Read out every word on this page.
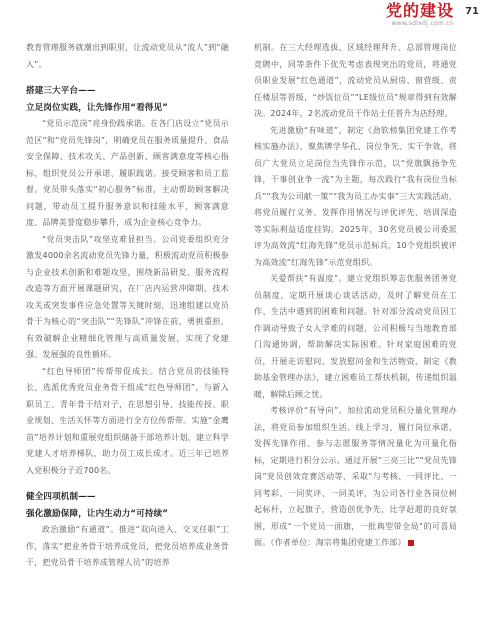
党的建设
www.sdlxdj.com.cn
71

教育管理服务就潮出到职里，让流动党员从“流人”到“融入”。

搭建三大平台——
立足岗位实践，让先锋作用“看得见”

“党员示范岗”亮身份践承诺。在各门店设立“党员示范区”和“党员先锋岗”，明确党员在服务质量提升、食品安全保障、技术攻关、产品创新、顾客满意度等核心指标，组织党员公开承诺、履职践诺。接受顾客和员工监督。党员带头落实“初心服务”标准，主动帮助顾客解决问题，带动员工提升服务意识和技能水平，顾客满意度、品牌美誉度稳步攀升，成为企业核心竞争力。

“党员突击队”攻坚克难显担当。公司党委组织充分激发4000余名流动党员先锋力量，积极流动党员积极参与企业技术创新和难题攻坚，围绕新品研发、服务流程改造等方面开展课题研究，在厂店内运营冲障期，技术攻关或突发事件应急处置等关键时刻，迅速组建以党员骨干为核心的“突击队”“先锋队”冲锋在前，勇挑重担，有效破解企业精细化管理与高质量发展，实现了党建强、发展强的良性循环。

“红色导师团”传帮带促成长。结合党员的技能特长，选派优秀党员业务骨干组成“红色导师团”，与新入职员工、青年骨干结对子，在思想引导、技能传授、职业规划、生活关怀等方面进行全方位传帮带。实施“金鹰苗”培养计划和重展党组织储备干部培养计划，建立科学党建人才培养梯队，助力员工成长成才。近三年已培养入党积极分子近700名。

健全四项机制——
强化激励保障，让内生动力“可持续”

政治激励“有通道”。推进“双向进入、交叉任职”工作，落实“把业务骨干培养成党员，把党员培养成业务骨干，把党员骨干培养成管理人员”的培养

机制。在三大经理选拔、区域经理拜升、总部管理岗位竞聘中，同等条件下优先考虑表现突出的党员，将通党员职业发展“红色通道”，流动党员从厨房、窗营级、责任楼层等晋级，“炒饭位员”“LE级位员”规章得到有效解决。2024年，2名流动党员干作站士任晋升为店经理。

先进激励“有味道”，制定《劲软榜集团党建工作考核实施办法》，聚焦牌学华孔、岗位争先、实干争效，将员广大党员立足岗位当先锋作示范，以“党旗飘扬争先锋，干事创业争一流”为主题，每次践行“我有岗位当标兵”“我为公司献一策”“我为员工办实事”三大实践活动，将党员履行义务、发挥作用情况与评优评先、培训深造等实际利益适度挂钩。2025年，30名党员被公司委派评为高效流“红海先锋”党员示范标兵，10个党组织被评为高效流“红海先锋”示范党组织。

关爱帮扶“有温度”。建立党组织筹志优服务团务党员制度，定期开展谈心谈话活动，及时了解党员在工作、生活中遇到的困难和问题。针对部分流动党员因工作调动导致子女入学难的问题，公司积极与当地教育部门沟通协调，帮助解决实际困难。针对家庭困难的党员，开展走访慰问、发放慰问金和生活物资，制定《教助基金管理办法》，建立困难员工帮扶机制，传递组织温暖，解除后顾之忧。

考核评价“有导向”。加拉流动党员积分量化管理办法，将党员参加组织生活、线上学习、履行岗位承诺、发挥先锋作用、参与志愿服务等情况量化为可量化指标，定期进行积分公示。通过开展“三亮三比”“党员先锋岗”党员创效竞赛活动等，采取“与考核、一同评比、一同考彩、一同奖评、一同美评，为公司各行业各岗位树起标杆，立起旗子，营造创优争先，比学赶超的良好氛围，形成“一个党员一面旗，一批典型带全局”的可喜局面。（作者单位：淘宗将集团党建工作部）
